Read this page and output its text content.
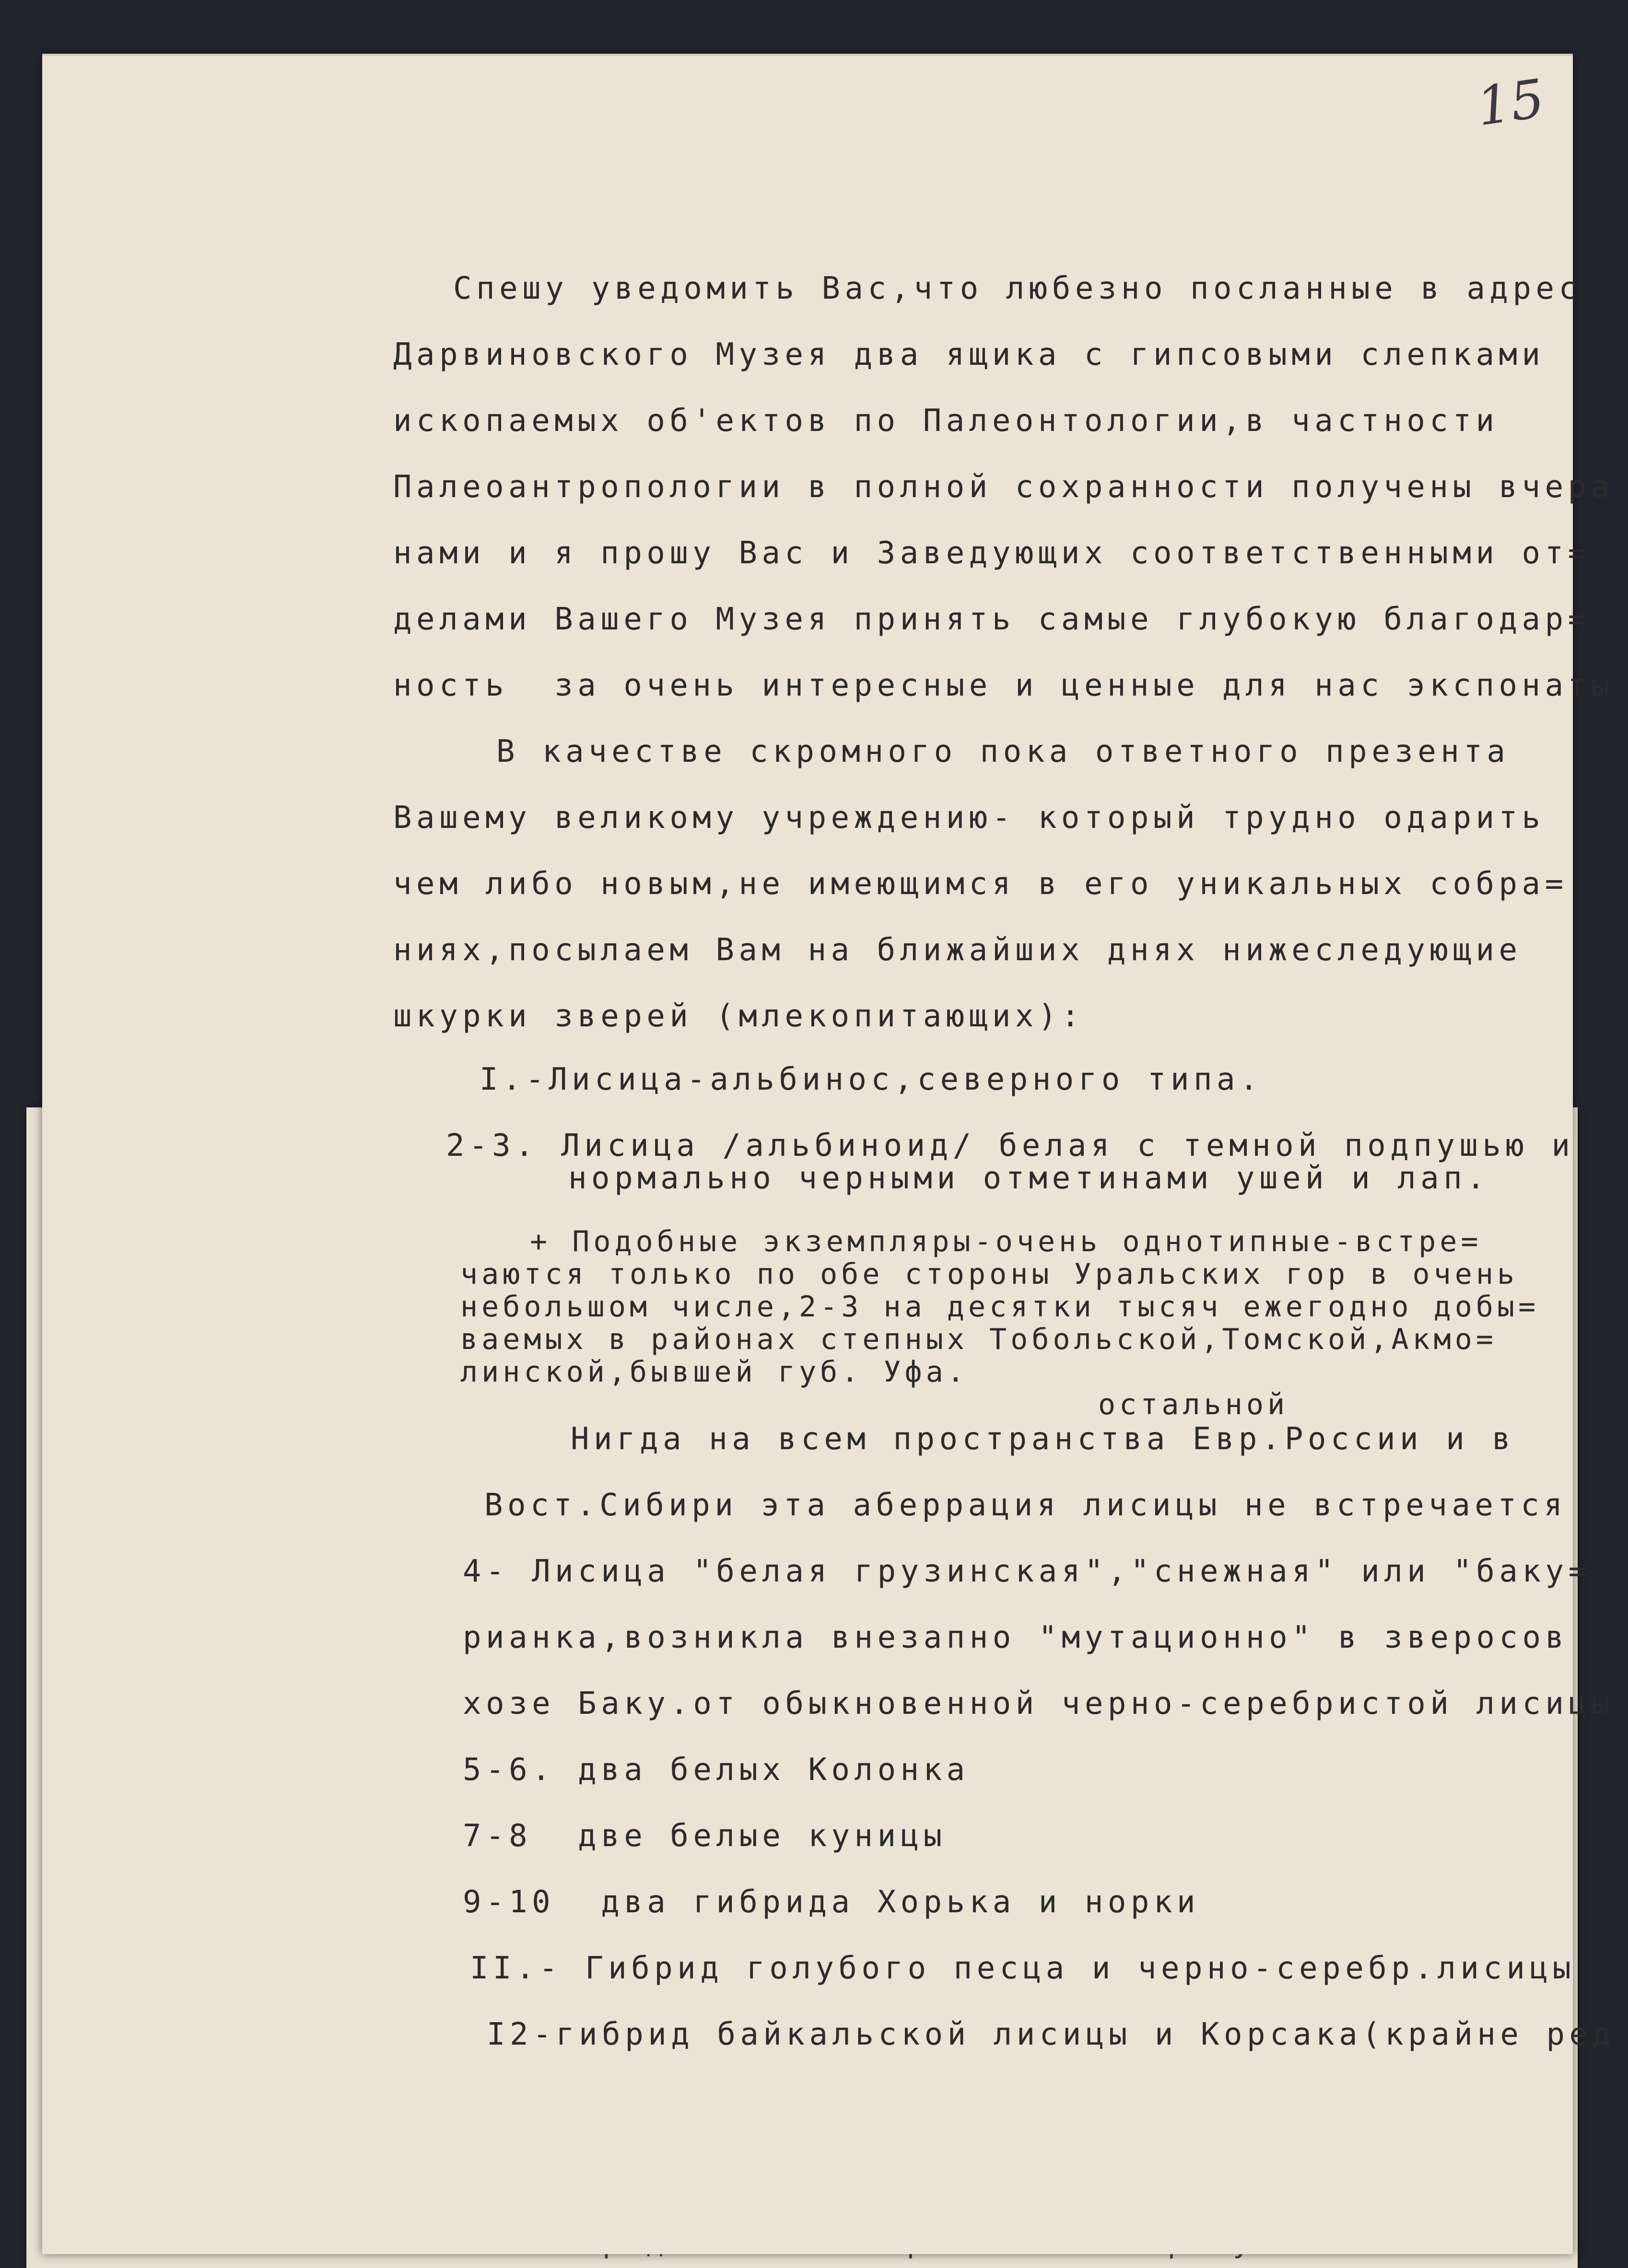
15
Спешу уведомить Вас,что любезно посланные в адрес
Дарвиновского Музея два ящика с гипсовыми слепками
ископаемых об'ектов по Палеонтологии,в частности
Палеоантропологии в полной сохранности получены вчера
нами и я прошу Вас и Заведующих соответственными от=
делами Вашего Музея принять самые глубокую благодар=
ность  за очень интересные и ценные для нас экспонаты
В качестве скромного пока ответного презента
Вашему великому учреждению- который трудно одарить
чем либо новым,не имеющимся в его уникальных собра=
ниях,посылаем Вам на ближайших днях нижеследующие
шкурки зверей (млекопитающих):
I.-Лисица-альбинос,северного типа.
2-3. Лисица /альбиноид/ белая с темной подпушью и
нормально черными отметинами ушей и лап.
+ Подобные экземпляры-очень однотипные-встре=
чаются только по обе стороны Уральских гор в очень
небольшом числе,2-3 на десятки тысяч ежегодно добы=
ваемых в районах степных Тобольской,Томской,Акмо=
линской,бывшей губ. Уфа.
остальной
Нигда на всем пространства Евр.России и в
Вост.Сибири эта аберрация лисицы не встречается
4- Лисица "белая грузинская","снежная" или "баку=
рианка,возникла внезапно "мутационно" в зверосов
хозе Баку.от обыкновенной черно-серебристой лисицы
5-6. два белых Колонка
7-8  две белые куницы
9-10  два гибрида Хорька и норки
II.- Гибрид голубого песца и черно-серебр.лисицы
I2-гибрид байкальской лисицы и Корсака(крайне ред
